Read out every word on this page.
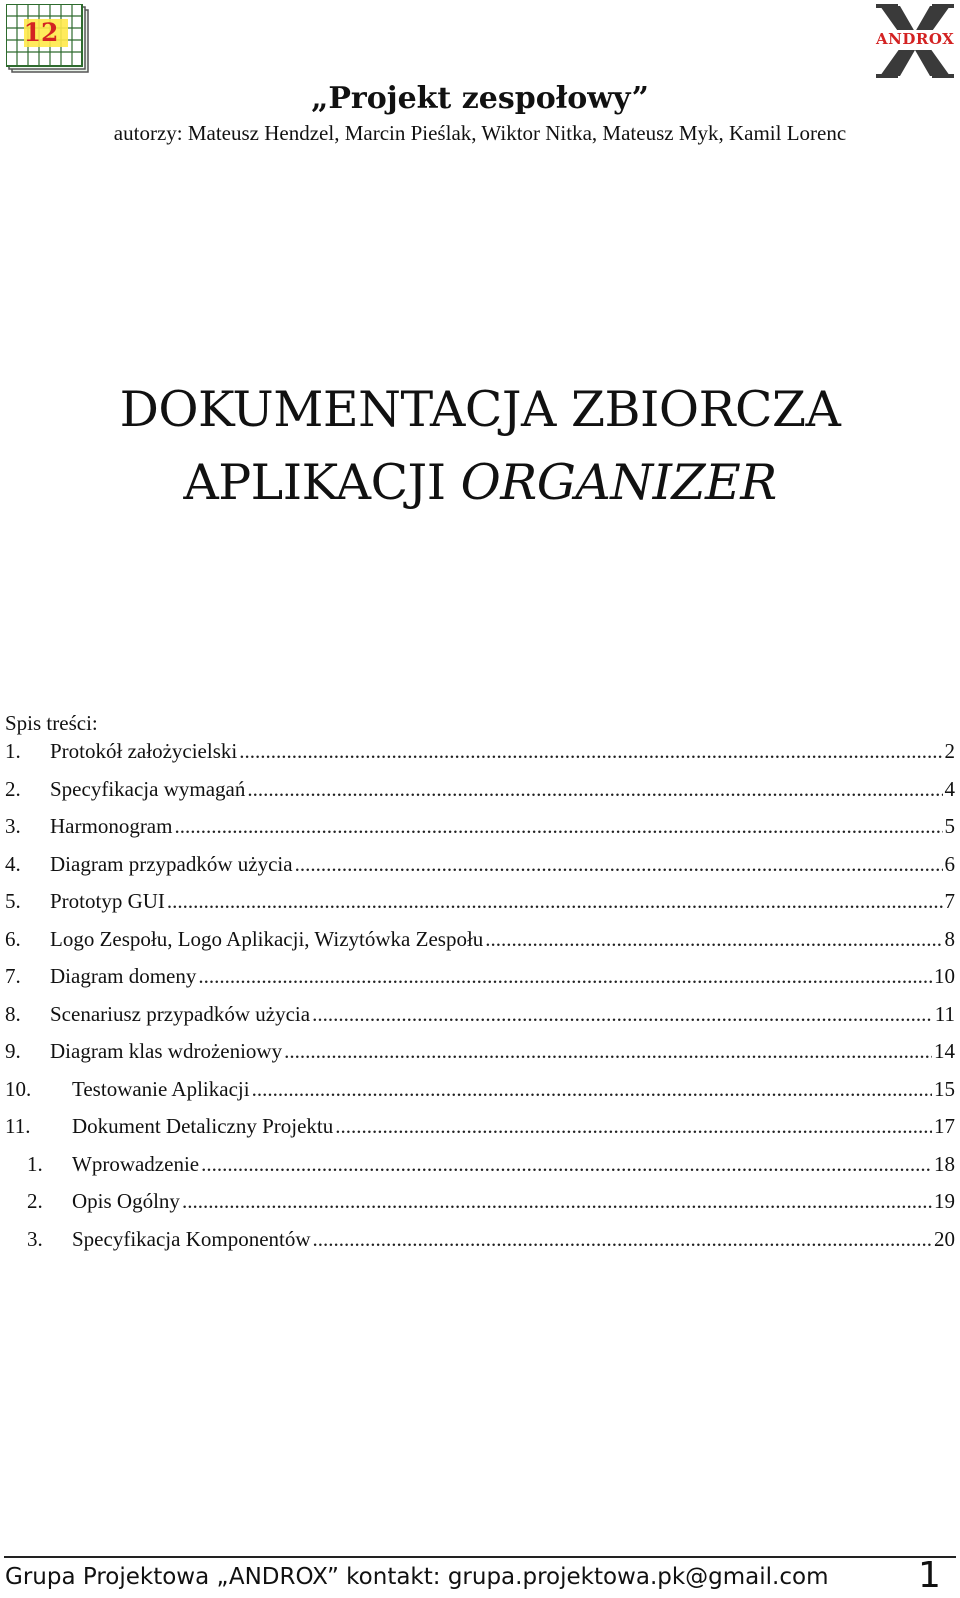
12	ANDROX
„Projekt zespołowy”
autorzy: Mateusz Hendzel, Marcin Pieślak, Wiktor Nitka, Mateusz Myk, Kamil Lorenc
DOKUMENTACJA ZBIORCZA
APLIKACJI ORGANIZER
Spis treści:
1.	Protokół założycielski .....	2
2.	Specyfikacja wymagań .....	4
3.	Harmonogram .....	5
4.	Diagram przypadków użycia .....	6
5.	Prototyp GUI .....	7
6.	Logo Zespołu, Logo Aplikacji, Wizytówka Zespołu .....	8
7.	Diagram domeny .....	10
8.	Scenariusz przypadków użycia .....	11
9.	Diagram klas wdrożeniowy .....	14
10.	Testowanie Aplikacji .....	15
11.	Dokument Detaliczny Projektu .....	17
1.	Wprowadzenie .....	18
2.	Opis Ogólny .....	19
3.	Specyfikacja Komponentów .....	20
Grupa Projektowa „ANDROX” kontakt: grupa.projektowa.pk@gmail.com 1
